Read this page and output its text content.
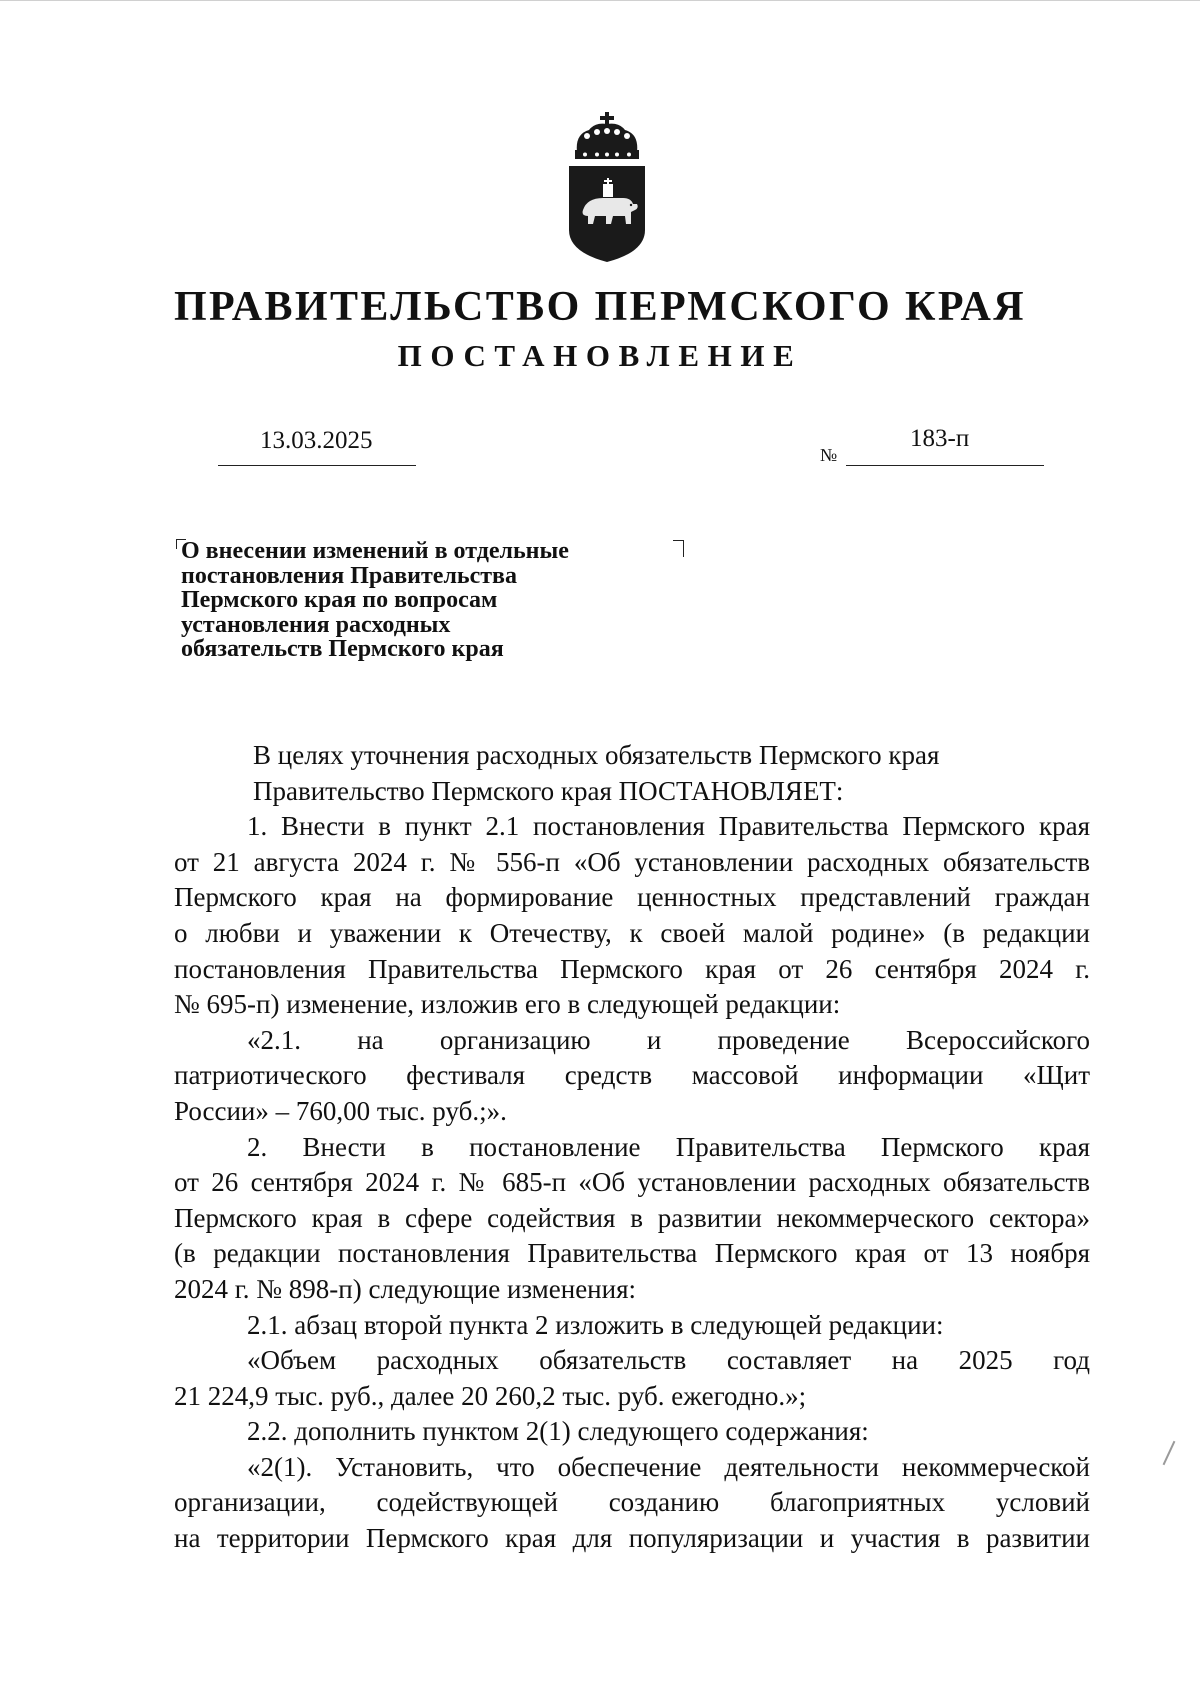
ПРАВИТЕЛЬСТВО ПЕРМСКОГО КРАЯ
ПОСТАНОВЛЕНИЕ
13.03.2025
№
183-п
О внесении изменений в отдельные
постановления Правительства
Пермского края по вопросам
установления расходных
обязательств Пермского края
В целях уточнения расходных обязательств Пермского края
Правительство Пермского края ПОСТАНОВЛЯЕТ:
1. Внести в пункт 2.1 постановления Правительства Пермского края
от 21 августа 2024 г. № 556-п «Об установлении расходных обязательств
Пермского края на формирование ценностных представлений граждан
о любви и уважении к Отечеству, к своей малой родине» (в редакции
постановления Правительства Пермского края от 26 сентября 2024 г.
№ 695-п) изменение, изложив его в следующей редакции:
«2.1. на организацию и проведение Всероссийского
патриотического фестиваля средств массовой информации «Щит
России» – 760,00 тыс. руб.;».
2. Внести в постановление Правительства Пермского края
от 26 сентября 2024 г. № 685-п «Об установлении расходных обязательств
Пермского края в сфере содействия в развитии некоммерческого сектора»
(в редакции постановления Правительства Пермского края от 13 ноября
2024 г. № 898-п) следующие изменения:
2.1. абзац второй пункта 2 изложить в следующей редакции:
«Объем расходных обязательств составляет на 2025 год
21 224,9 тыс. руб., далее 20 260,2 тыс. руб. ежегодно.»;
2.2. дополнить пунктом 2(1) следующего содержания:
«2(1). Установить, что обеспечение деятельности некоммерческой
организации, содействующей созданию благоприятных условий
на территории Пермского края для популяризации и участия в развитии
